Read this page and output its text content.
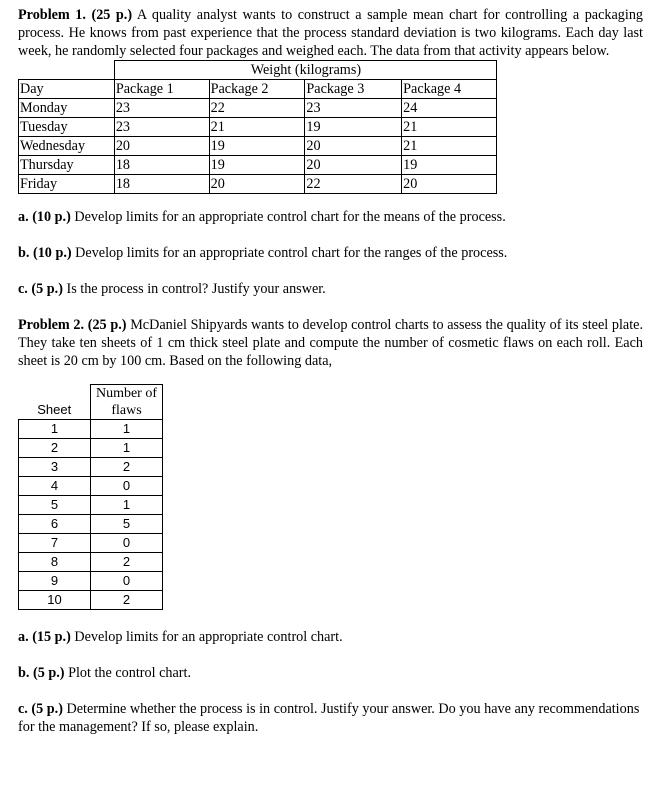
Problem 1. (25 p.) A quality analyst wants to construct a sample mean chart for controlling a packaging process. He knows from past experience that the process standard deviation is two kilograms. Each day last week, he randomly selected four packages and weighed each. The data from that activity appears below.

	Weight (kilograms)			
Day	Package 1	Package 2	Package 3	Package 4
Monday	23	22	23	24
Tuesday	23	21	19	21
Wednesday	20	19	20	21
Thursday	18	19	20	19
Friday	18	20	22	20

a. (10 p.) Develop limits for an appropriate control chart for the means of the process.

b. (10 p.) Develop limits for an appropriate control chart for the ranges of the process.

c. (5 p.) Is the process in control? Justify your answer.

Problem 2. (25 p.) McDaniel Shipyards wants to develop control charts to assess the quality of its steel plate. They take ten sheets of 1 cm thick steel plate and compute the number of cosmetic flaws on each roll. Each sheet is 20 cm by 100 cm. Based on the following data,

Sheet	Number of
flaws
1	1
2	1
3	2
4	0
5	1
6	5
7	0
8	2
9	0
10	2

a. (15 p.) Develop limits for an appropriate control chart.

b. (5 p.) Plot the control chart.

c. (5 p.) Determine whether the process is in control. Justify your answer. Do you have any recommendations for the management? If so, please explain.
